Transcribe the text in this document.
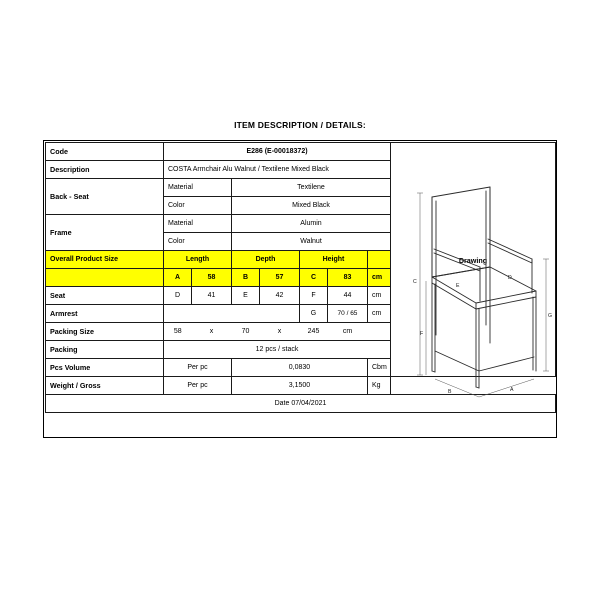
ITEM DESCRIPTION / DETAILS:
Code	E286 (E-00018372)							Drawing

Description	COSTA Armchair Alu Walnut / Textilene Mixed Black							
Back - Seat	Material		Textilene					
	Color		Mixed Black					
Frame	Material		Alumin					
	Color		Walnut					
Overall Product Size	Length		Depth		Height			
	A	58	B	57	C	83	cm	
Seat	D	41	E	42	F	44	cm	
Armrest					G	70 / 65	cm	
Packing Size	58	x	70	x	245	cm		
Packing	12 pcs / stack							
Pcs Volume	Per pc		0,0830				Cbm	
Weight / Gross	Per pc		3,1500				Kg	
Date 07/04/2021								
C
F
E
D
G
B	A
